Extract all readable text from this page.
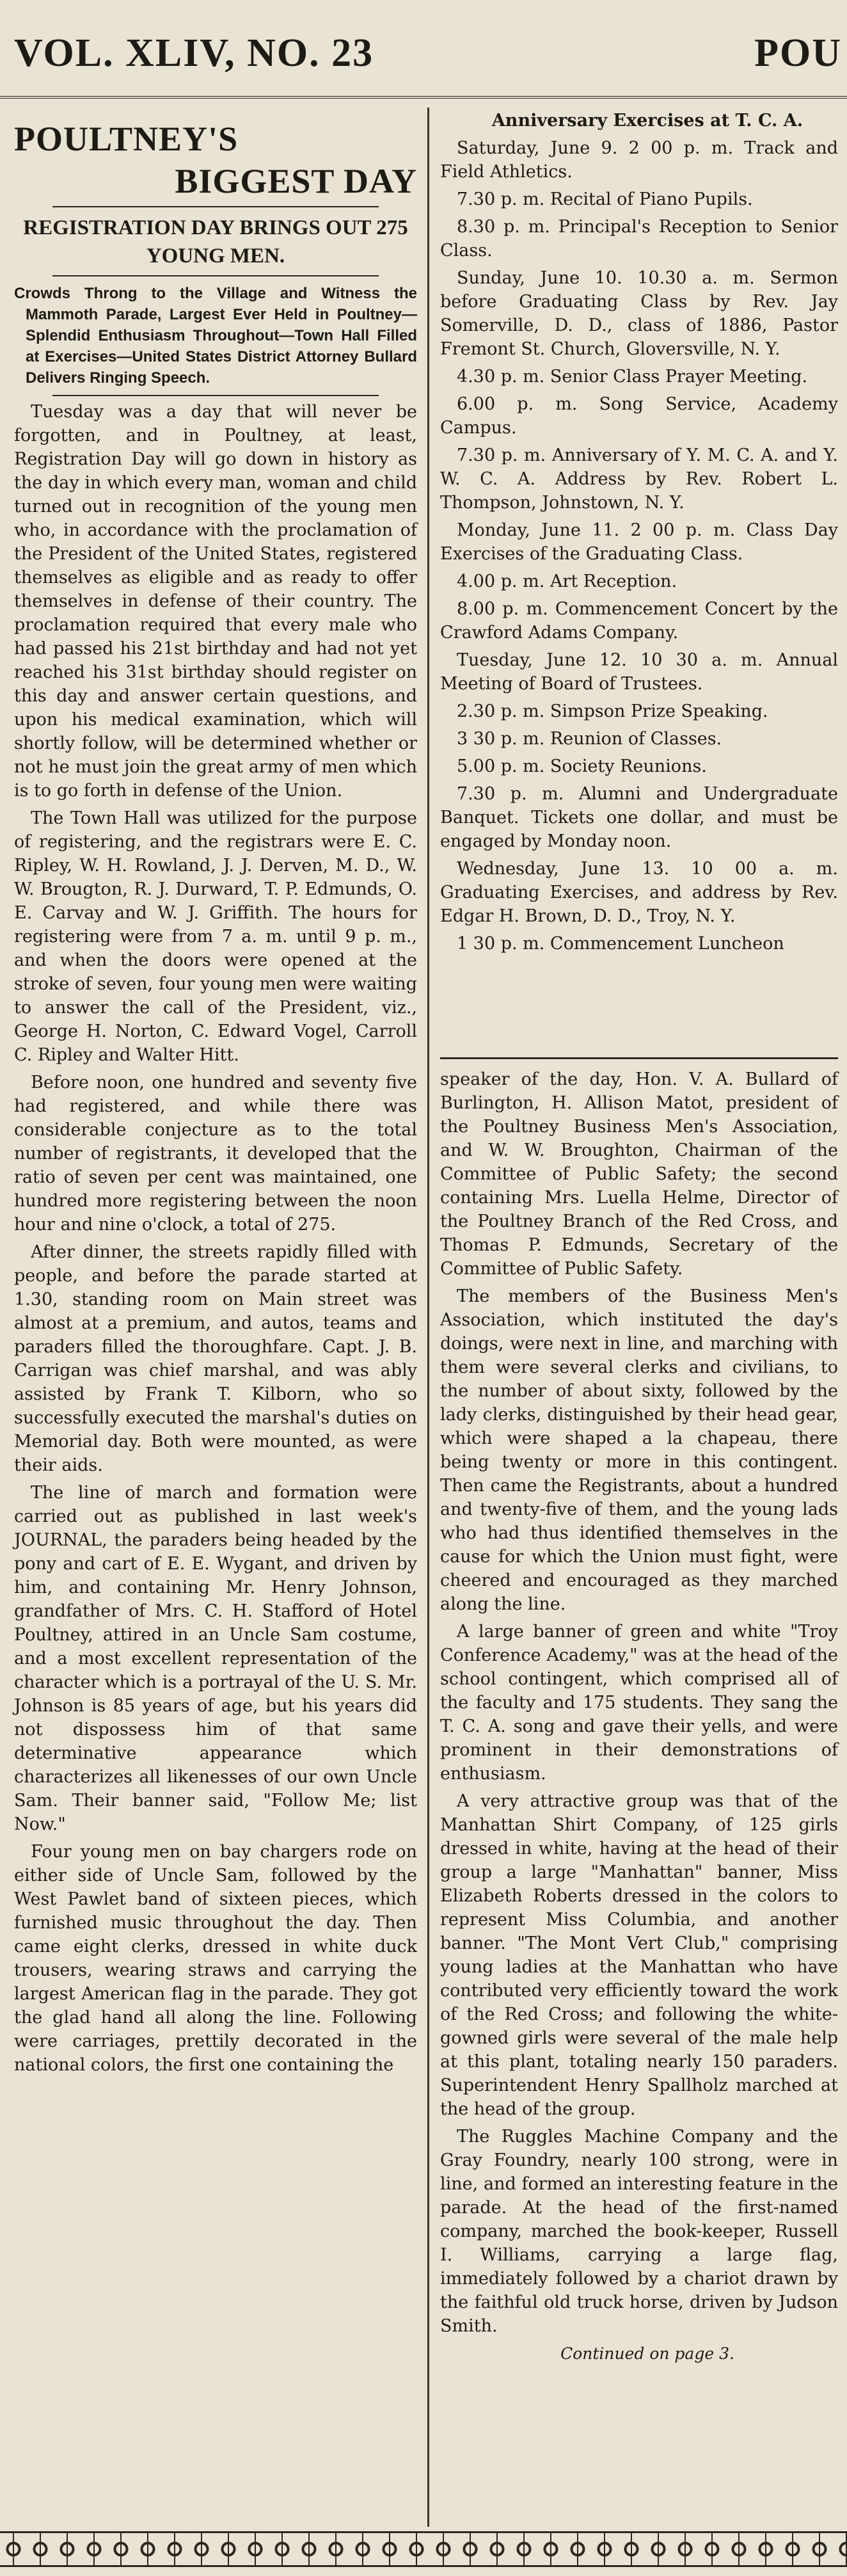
VOL. XLIV, NO. 23	POU
POULTNEY'S
BIGGEST DAY
REGISTRATION DAY BRINGS OUT 275
YOUNG MEN.
Crowds Throng to the Village and Witness the Mammoth Parade, Largest Ever Held in Poultney—Splendid Enthusiasm Throughout—Town Hall Filled at Exercises—United States District Attorney Bullard Delivers Ringing Speech.

Tuesday was a day that will never be forgotten, and in Poultney, at least, Registration Day will go down in history as the day in which every man, woman and child turned out in recognition of the young men who, in accordance with the proclamation of the President of the United States, registered themselves as eligible and as ready to offer themselves in defense of their country. The proclamation required that every male who had passed his 21st birthday and had not yet reached his 31st birthday should register on this day and answer certain questions, and upon his medical examination, which will shortly follow, will be determined whether or not he must join the great army of men which is to go forth in defense of the Union.

The Town Hall was utilized for the purpose of registering, and the registrars were E. C. Ripley, W. H. Rowland, J. J. Derven, M. D., W. W. Brougton, R. J. Durward, T. P. Edmunds, O. E. Carvay and W. J. Griffith. The hours for registering were from 7 a. m. until 9 p. m., and when the doors were opened at the stroke of seven, four young men were waiting to answer the call of the President, viz., George H. Norton, C. Edward Vogel, Carroll C. Ripley and Walter Hitt.

Before noon, one hundred and seventy five had registered, and while there was considerable conjecture as to the total number of registrants, it developed that the ratio of seven per cent was maintained, one hundred more registering between the noon hour and nine o'clock, a total of 275.

After dinner, the streets rapidly filled with people, and before the parade started at 1.30, standing room on Main street was almost at a premium, and autos, teams and paraders filled the thoroughfare. Capt. J. B. Carrigan was chief marshal, and was ably assisted by Frank T. Kilborn, who so successfully executed the marshal's duties on Memorial day. Both were mounted, as were their aids.

The line of march and formation were carried out as published in last week's JOURNAL, the paraders being headed by the pony and cart of E. E. Wygant, and driven by him, and containing Mr. Henry Johnson, grandfather of Mrs. C. H. Stafford of Hotel Poultney, attired in an Uncle Sam costume, and a most excellent representation of the character which is a portrayal of the U. S. Mr. Johnson is 85 years of age, but his years did not dispossess him of that same determinative appearance which characterizes all likenesses of our own Uncle Sam. Their banner said, "Follow Me; list Now."

Four young men on bay chargers rode on either side of Uncle Sam, followed by the West Pawlet band of sixteen pieces, which furnished music throughout the day. Then came eight clerks, dressed in white duck trousers, wearing straws and carrying the largest American flag in the parade. They got the glad hand all along the line. Following were carriages, prettily decorated in the national colors, the first one containing the

Anniversary Exercises at T. C. A.

Saturday, June 9. 2 00 p. m. Track and Field Athletics.

7.30 p. m. Recital of Piano Pupils.

8.30 p. m. Principal's Reception to Senior Class.

Sunday, June 10. 10.30 a. m. Sermon before Graduating Class by Rev. Jay Somerville, D. D., class of 1886, Pastor Fremont St. Church, Gloversville, N. Y.

4.30 p. m. Senior Class Prayer Meeting.

6.00 p. m. Song Service, Academy Campus.

7.30 p. m. Anniversary of Y. M. C. A. and Y. W. C. A. Address by Rev. Robert L. Thompson, Johnstown, N. Y.

Monday, June 11. 2 00 p. m. Class Day Exercises of the Graduating Class.

4.00 p. m. Art Reception.

8.00 p. m. Commencement Concert by the Crawford Adams Company.

Tuesday, June 12. 10 30 a. m. Annual Meeting of Board of Trustees.

2.30 p. m. Simpson Prize Speaking.

3 30 p. m. Reunion of Classes.

5.00 p. m. Society Reunions.

7.30 p. m. Alumni and Undergraduate Banquet. Tickets one dollar, and must be engaged by Monday noon.

Wednesday, June 13. 10 00 a. m. Graduating Exercises, and address by Rev. Edgar H. Brown, D. D., Troy, N. Y.

1 30 p. m. Commencement Luncheon

speaker of the day, Hon. V. A. Bullard of Burlington, H. Allison Matot, president of the Poultney Business Men's Association, and W. W. Broughton, Chairman of the Committee of Public Safety; the second containing Mrs. Luella Helme, Director of the Poultney Branch of the Red Cross, and Thomas P. Edmunds, Secretary of the Committee of Public Safety.

The members of the Business Men's Association, which instituted the day's doings, were next in line, and marching with them were several clerks and civilians, to the number of about sixty, followed by the lady clerks, distinguished by their head gear, which were shaped a la chapeau, there being twenty or more in this contingent. Then came the Registrants, about a hundred and twenty-five of them, and the young lads who had thus identified themselves in the cause for which the Union must fight, were cheered and encouraged as they marched along the line.

A large banner of green and white "Troy Conference Academy," was at the head of the school contingent, which comprised all of the faculty and 175 students. They sang the T. C. A. song and gave their yells, and were prominent in their demonstrations of enthusiasm.

A very attractive group was that of the Manhattan Shirt Company, of 125 girls dressed in white, having at the head of their group a large "Manhattan" banner, Miss Elizabeth Roberts dressed in the colors to represent Miss Columbia, and another banner. "The Mont Vert Club," comprising young ladies at the Manhattan who have contributed very efficiently toward the work of the Red Cross; and following the white-gowned girls were several of the male help at this plant, totaling nearly 150 paraders. Superintendent Henry Spallholz marched at the head of the group.

The Ruggles Machine Company and the Gray Foundry, nearly 100 strong, were in line, and formed an interesting feature in the parade. At the head of the first-named company, marched the book-keeper, Russell I. Williams, carrying a large flag, immediately followed by a chariot drawn by the faithful old truck horse, driven by Judson Smith.

Continued on page 3.
